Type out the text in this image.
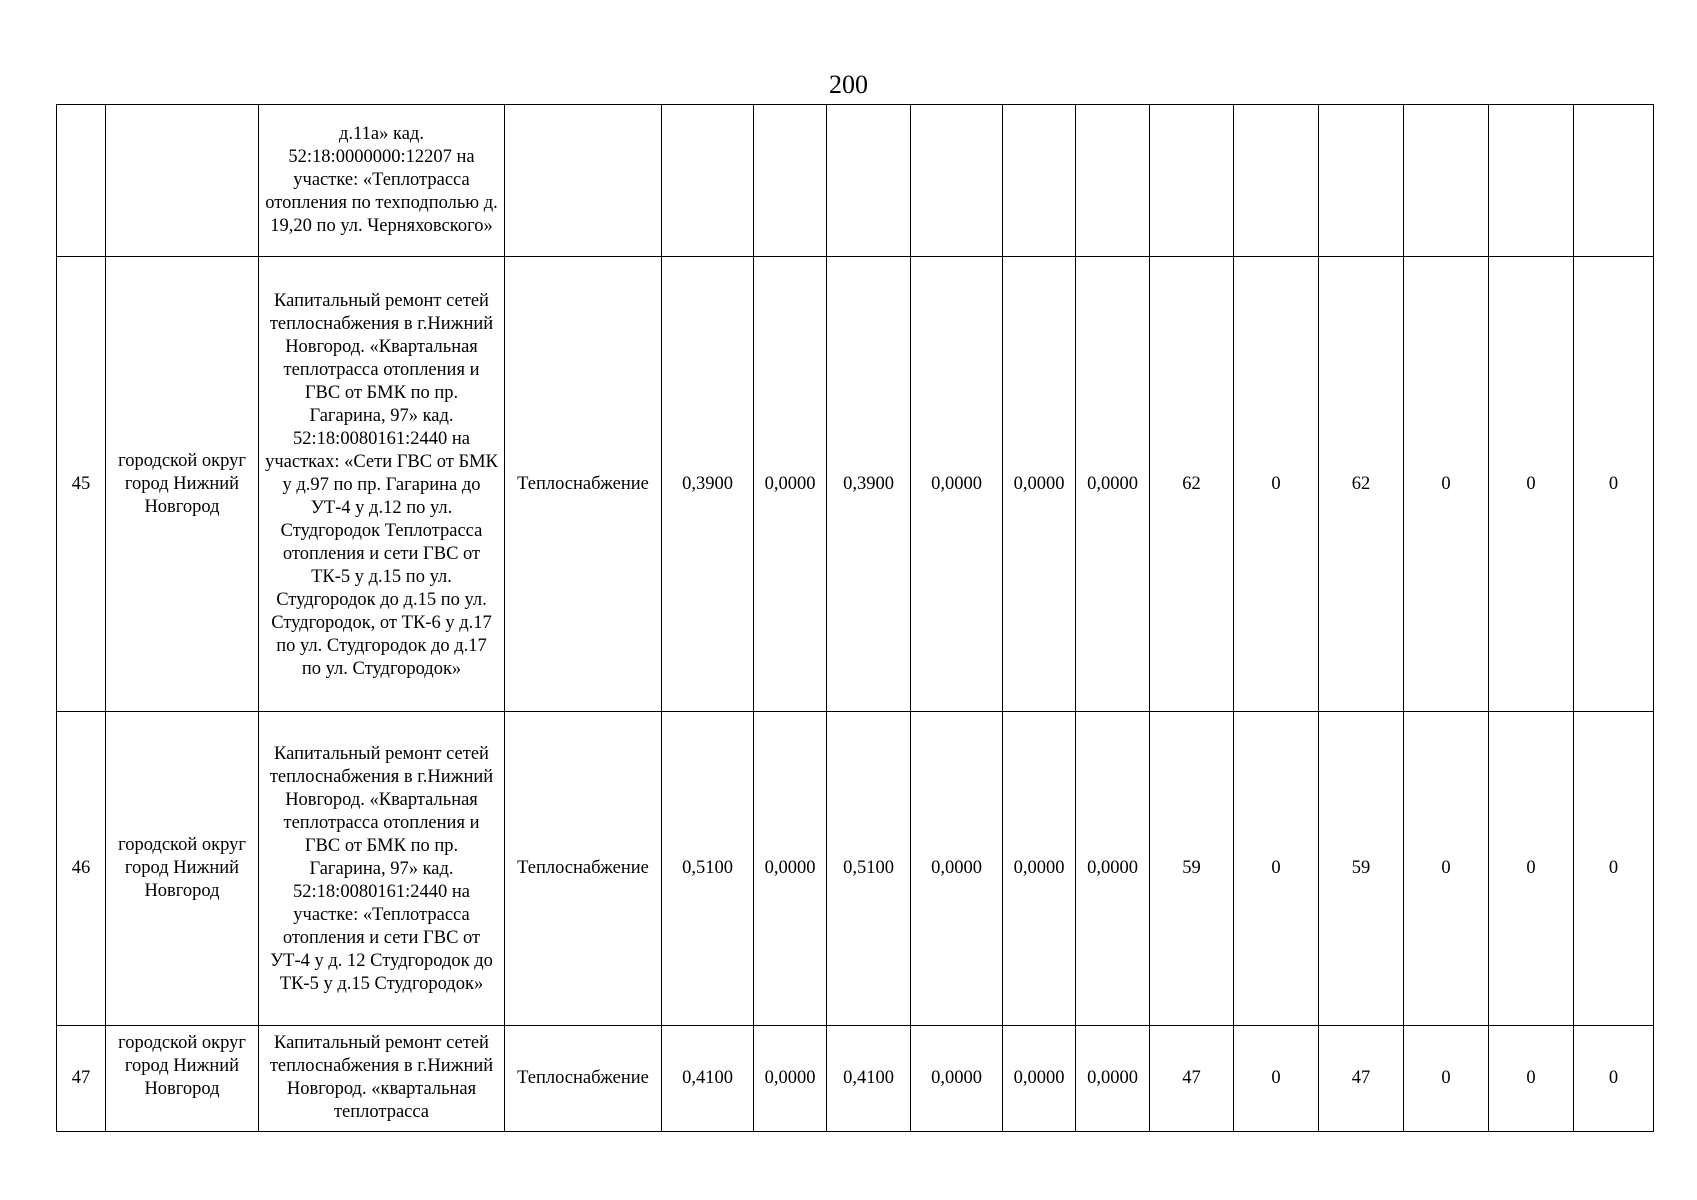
200
		д.11а» кад. 52:18:0000000:12207 на участке: «Теплотрасса отопления по техподполью д. 19,20 по ул. Черняховского»													
45	городской округ город Нижний Новгород	Капитальный ремонт сетей теплоснабжения в г.Нижний Новгород. «Квартальная теплотрасса отопления и ГВС от БМК по пр. Гагарина, 97» кад. 52:18:0080161:2440 на участках: «Сети ГВС от БМК у д.97 по пр. Гагарина до УТ-4 у д.12 по ул. Студгородок Теплотрасса отопления и сети ГВС от ТК-5 у д.15 по ул. Студгородок до д.15 по ул. Студгородок, от ТК-6 у д.17 по ул. Студгородок до д.17 по ул. Студгородок»	Теплоснабжение	0,3900	0,0000	0,3900	0,0000	0,0000	0,0000	62	0	62	0	0	0
46	городской округ город Нижний Новгород	Капитальный ремонт сетей теплоснабжения в г.Нижний Новгород. «Квартальная теплотрасса отопления и ГВС от БМК по пр. Гагарина, 97» кад. 52:18:0080161:2440 на участке: «Теплотрасса отопления и сети ГВС от УТ-4 у д. 12 Студгородок до ТК-5 у д.15 Студгородок»	Теплоснабжение	0,5100	0,0000	0,5100	0,0000	0,0000	0,0000	59	0	59	0	0	0
47	городской округ город Нижний Новгород	Капитальный ремонт сетей теплоснабжения в г.Нижний Новгород. «квартальная теплотрасса	Теплоснабжение	0,4100	0,0000	0,4100	0,0000	0,0000	0,0000	47	0	47	0	0	0
